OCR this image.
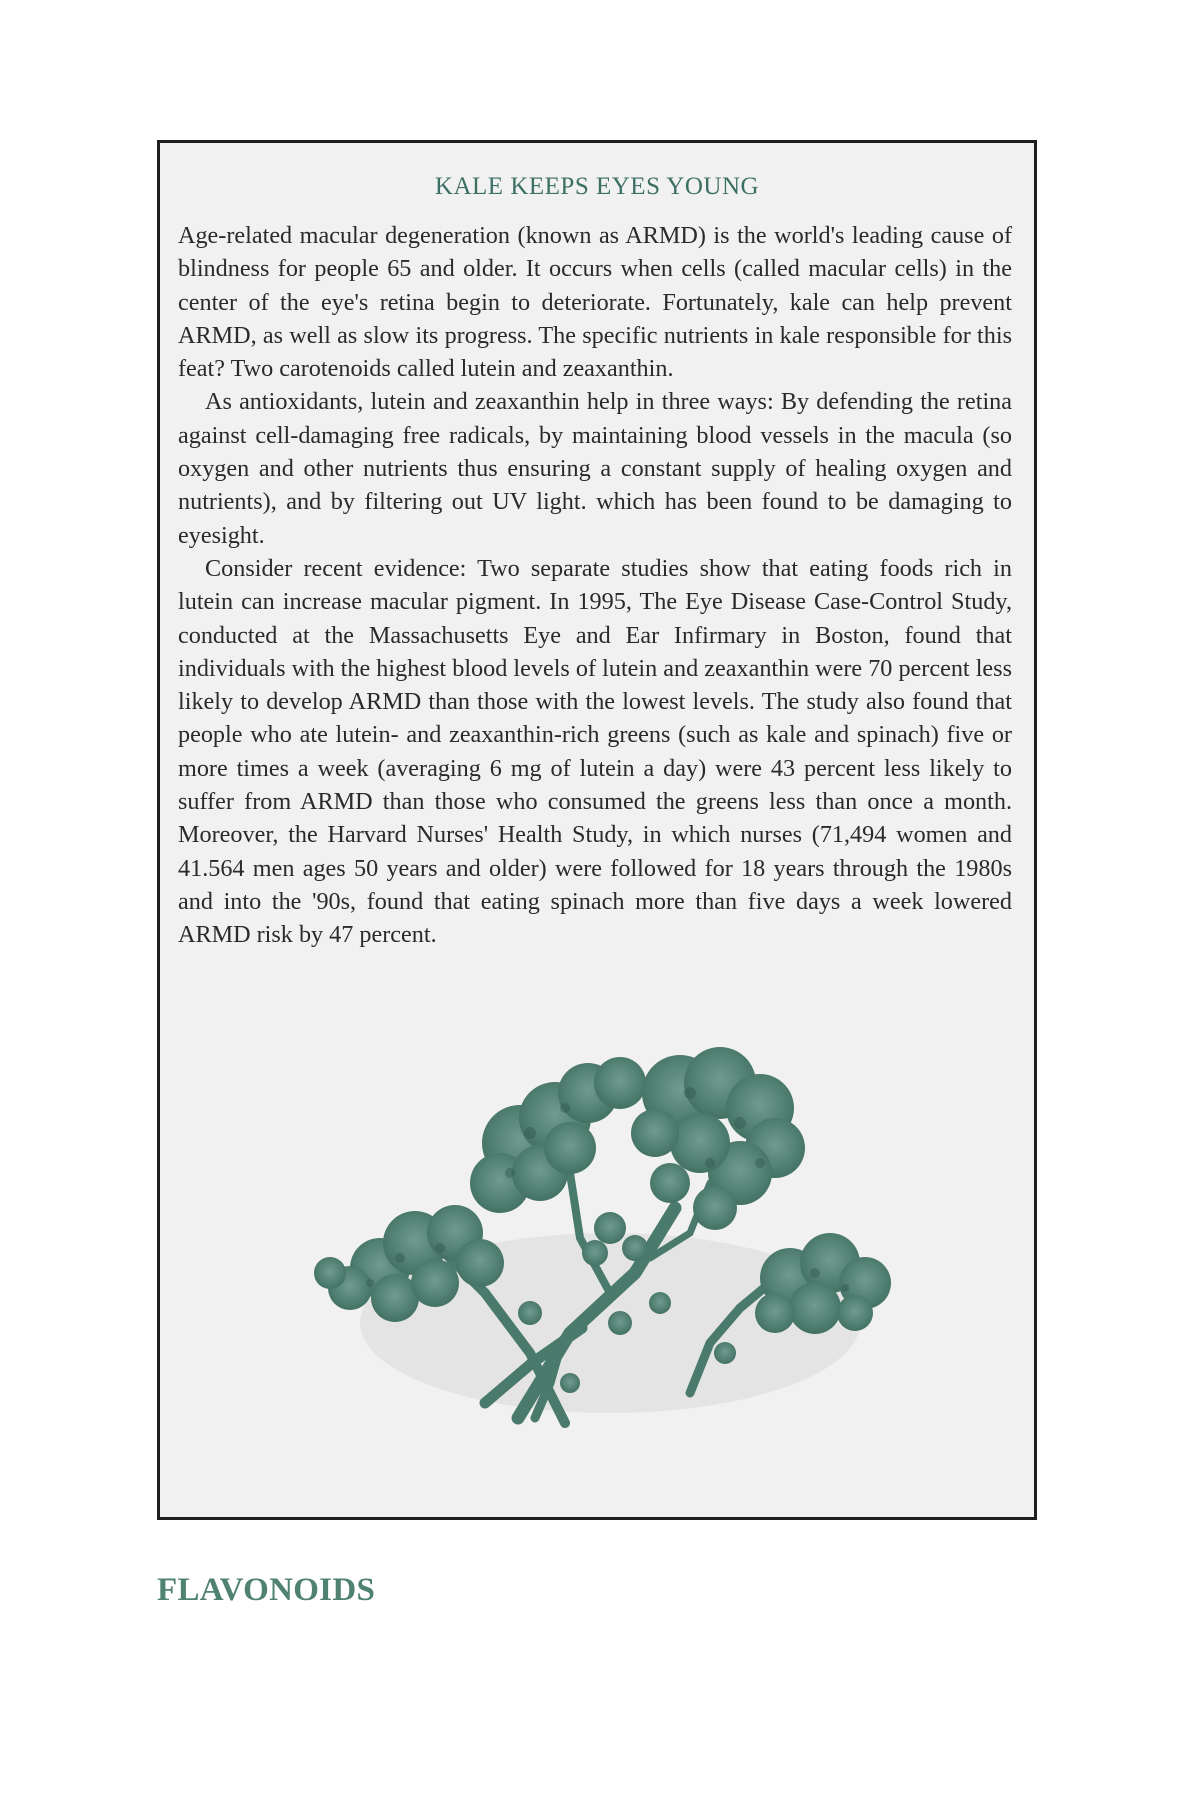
KALE KEEPS EYES YOUNG

Age-related macular degeneration (known as ARMD) is the world's leading cause of blindness for people 65 and older. It occurs when cells (called macular cells) in the center of the eye's retina begin to deteriorate. Fortunately, kale can help prevent ARMD, as well as slow its progress. The specific nutrients in kale responsible for this feat? Two carotenoids called lutein and zeaxanthin.

As antioxidants, lutein and zeaxanthin help in three ways: By defending the retina against cell-damaging free radicals, by maintaining blood vessels in the macula (so oxygen and other nutrients thus ensuring a constant supply of healing oxygen and nutrients), and by filtering out UV light. which has been found to be damaging to eyesight.

Consider recent evidence: Two separate studies show that eating foods rich in lutein can increase macular pigment. In 1995, The Eye Disease Case-Control Study, conducted at the Massachusetts Eye and Ear Infirmary in Boston, found that individuals with the highest blood levels of lutein and zeaxanthin were 70 percent less likely to develop ARMD than those with the lowest levels. The study also found that people who ate lutein- and zeaxanthin-rich greens (such as kale and spinach) five or more times a week (averaging 6 mg of lutein a day) were 43 percent less likely to suffer from ARMD than those who consumed the greens less than once a month. Moreover, the Harvard Nurses' Health Study, in which nurses (71,494 women and 41.564 men ages 50 years and older) were followed for 18 years through the 1980s and into the '90s, found that eating spinach more than five days a week lowered ARMD risk by 47 percent.

FLAVONOIDS
